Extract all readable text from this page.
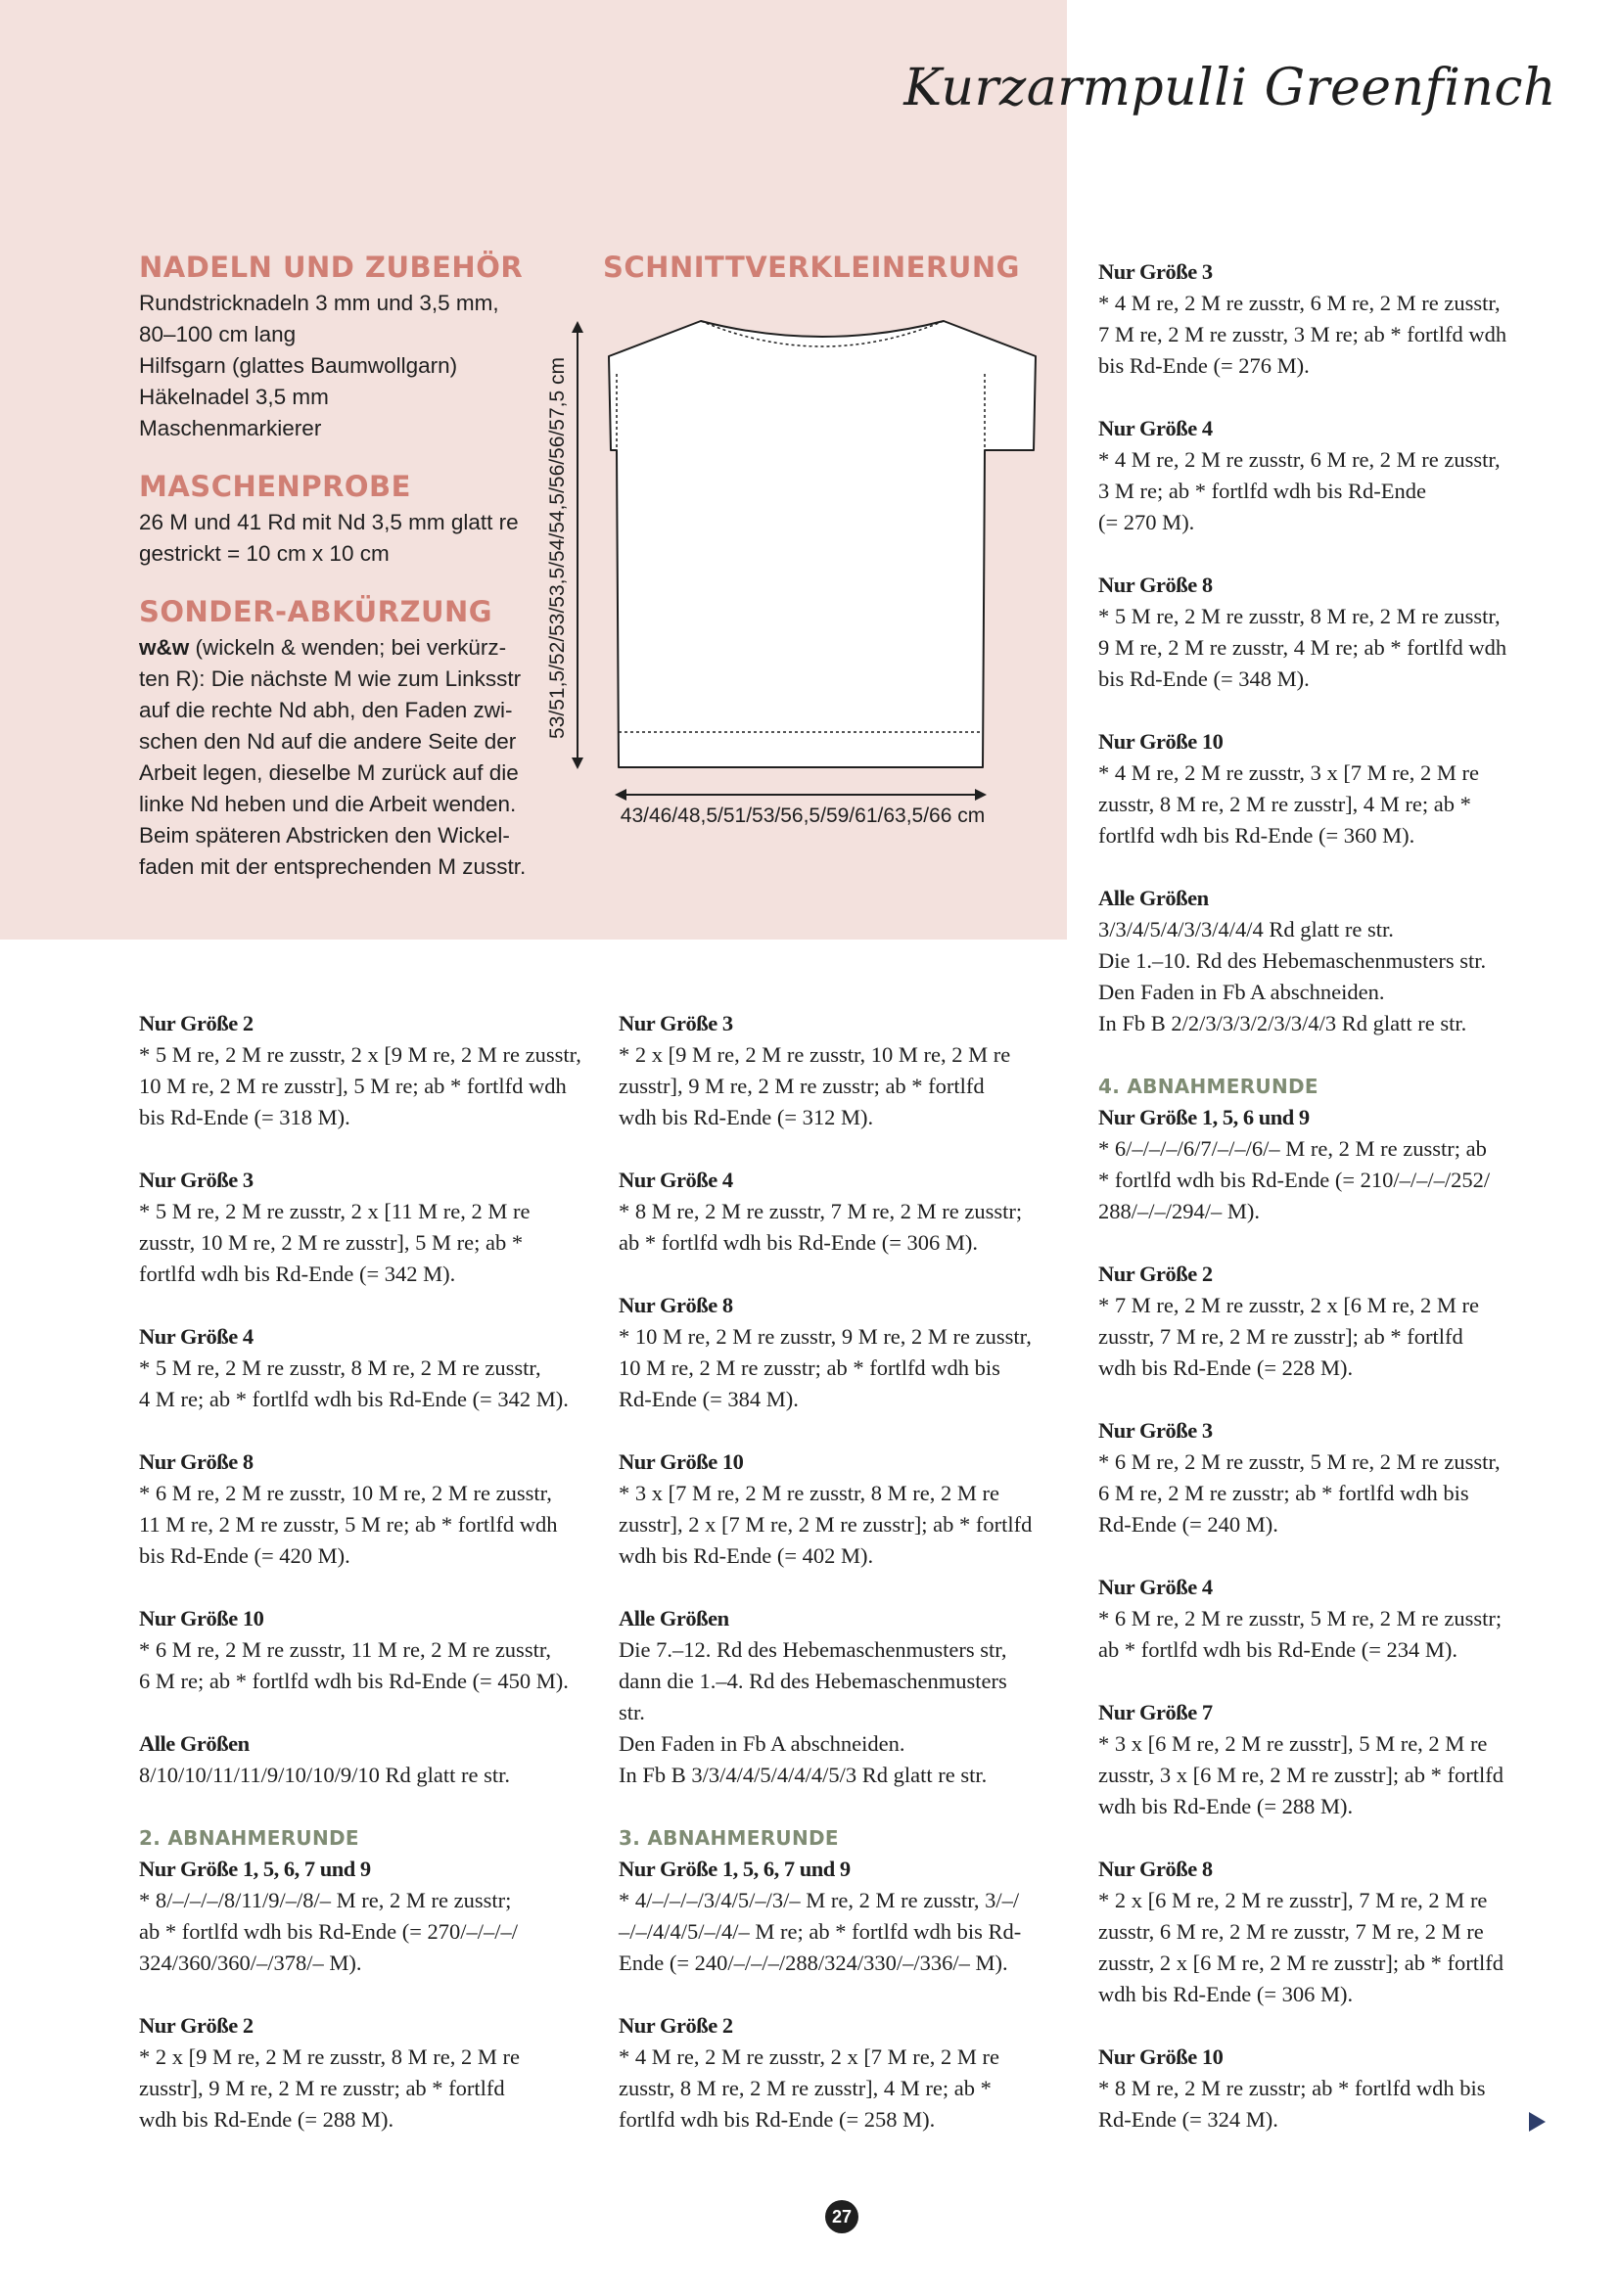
Kurzarmpulli Greenfinch
NADELN UND ZUBEHÖR

Rundstricknadeln 3 mm und 3,5 mm,

80–100 cm lang

Hilfsgarn (glattes Baumwollgarn)

Häkelnadel 3,5 mm

Maschenmarkierer

MASCHENPROBE

26 M und 41 Rd mit Nd 3,5 mm glatt re

gestrickt = 10 cm x 10 cm

SONDER-ABKÜRZUNG

w&w (wickeln & wenden; bei verkürz-

ten R): Die nächste M wie zum Linksstr

auf die rechte Nd abh, den Faden zwi-

schen den Nd auf die andere Seite der

Arbeit legen, dieselbe M zurück auf die

linke Nd heben und die Arbeit wenden.

Beim späteren Abstricken den Wickel-

faden mit der entsprechenden M zusstr.

SCHNITTVERKLEINERUNG
53/51,5/52/53/53,5/54/54,5/56/56/57,5 cm
43/46/48,5/51/53/56,5/59/61/63,5/66 cm
Nur Größe 2
* 5 M re, 2 M re zusstr, 2 x [9 M re, 2 M re zusstr,
10 M re, 2 M re zusstr], 5 M re; ab * fortlfd wdh
bis Rd-Ende (= 318 M).
Nur Größe 3
* 5 M re, 2 M re zusstr, 2 x [11 M re, 2 M re
zusstr, 10 M re, 2 M re zusstr], 5 M re; ab *
fortlfd wdh bis Rd-Ende (= 342 M).
Nur Größe 4
* 5 M re, 2 M re zusstr, 8 M re, 2 M re zusstr,
4 M re; ab * fortlfd wdh bis Rd-Ende (= 342 M).
Nur Größe 8
* 6 M re, 2 M re zusstr, 10 M re, 2 M re zusstr,
11 M re, 2 M re zusstr, 5 M re; ab * fortlfd wdh
bis Rd-Ende (= 420 M).
Nur Größe 10
* 6 M re, 2 M re zusstr, 11 M re, 2 M re zusstr,
6 M re; ab * fortlfd wdh bis Rd-Ende (= 450 M).
Alle Größen
8/10/10/11/11/9/10/10/9/10 Rd glatt re str.
2. ABNAHMERUNDE
Nur Größe 1, 5, 6, 7 und 9
* 8/–/–/–/8/11/9/–/8/– M re, 2 M re zusstr;
ab * fortlfd wdh bis Rd-Ende (= 270/–/–/–/
324/360/360/–/378/– M).
Nur Größe 2
* 2 x [9 M re, 2 M re zusstr, 8 M re, 2 M re
zusstr], 9 M re, 2 M re zusstr; ab * fortlfd
wdh bis Rd-Ende (= 288 M).
Nur Größe 3
* 2 x [9 M re, 2 M re zusstr, 10 M re, 2 M re
zusstr], 9 M re, 2 M re zusstr; ab * fortlfd
wdh bis Rd-Ende (= 312 M).
Nur Größe 4
* 8 M re, 2 M re zusstr, 7 M re, 2 M re zusstr;
ab * fortlfd wdh bis Rd-Ende (= 306 M).
Nur Größe 8
* 10 M re, 2 M re zusstr, 9 M re, 2 M re zusstr,
10 M re, 2 M re zusstr; ab * fortlfd wdh bis
Rd-Ende (= 384 M).
Nur Größe 10
* 3 x [7 M re, 2 M re zusstr, 8 M re, 2 M re
zusstr], 2 x [7 M re, 2 M re zusstr]; ab * fortlfd
wdh bis Rd-Ende (= 402 M).
Alle Größen
Die 7.–12. Rd des Hebemaschenmusters str,
dann die 1.–4. Rd des Hebemaschenmusters
str.
Den Faden in Fb A abschneiden.
In Fb B 3/3/4/4/5/4/4/4/5/3 Rd glatt re str.
3. ABNAHMERUNDE
Nur Größe 1, 5, 6, 7 und 9
* 4/–/–/–/3/4/5/–/3/– M re, 2 M re zusstr, 3/–/
–/–/4/4/5/–/4/– M re; ab * fortlfd wdh bis Rd-
Ende (= 240/–/–/–/288/324/330/–/336/– M).
Nur Größe 2
* 4 M re, 2 M re zusstr, 2 x [7 M re, 2 M re
zusstr, 8 M re, 2 M re zusstr], 4 M re; ab *
fortlfd wdh bis Rd-Ende (= 258 M).
Nur Größe 3
* 4 M re, 2 M re zusstr, 6 M re, 2 M re zusstr,
7 M re, 2 M re zusstr, 3 M re; ab * fortlfd wdh
bis Rd-Ende (= 276 M).
Nur Größe 4
* 4 M re, 2 M re zusstr, 6 M re, 2 M re zusstr,
3 M re; ab * fortlfd wdh bis Rd-Ende
(= 270 M).
Nur Größe 8
* 5 M re, 2 M re zusstr, 8 M re, 2 M re zusstr,
9 M re, 2 M re zusstr, 4 M re; ab * fortlfd wdh
bis Rd-Ende (= 348 M).
Nur Größe 10
* 4 M re, 2 M re zusstr, 3 x [7 M re, 2 M re
zusstr, 8 M re, 2 M re zusstr], 4 M re; ab *
fortlfd wdh bis Rd-Ende (= 360 M).
Alle Größen
3/3/4/5/4/3/3/4/4/4 Rd glatt re str.
Die 1.–10. Rd des Hebemaschenmusters str.
Den Faden in Fb A abschneiden.
In Fb B 2/2/3/3/3/2/3/3/4/3 Rd glatt re str.
4. ABNAHMERUNDE
Nur Größe 1, 5, 6 und 9
* 6/–/–/–/6/7/–/–/6/– M re, 2 M re zusstr; ab
* fortlfd wdh bis Rd-Ende (= 210/–/–/–/252/
288/–/–/294/– M).
Nur Größe 2
* 7 M re, 2 M re zusstr, 2 x [6 M re, 2 M re
zusstr, 7 M re, 2 M re zusstr]; ab * fortlfd
wdh bis Rd-Ende (= 228 M).
Nur Größe 3
* 6 M re, 2 M re zusstr, 5 M re, 2 M re zusstr,
6 M re, 2 M re zusstr; ab * fortlfd wdh bis
Rd-Ende (= 240 M).
Nur Größe 4
* 6 M re, 2 M re zusstr, 5 M re, 2 M re zusstr;
ab * fortlfd wdh bis Rd-Ende (= 234 M).
Nur Größe 7
* 3 x [6 M re, 2 M re zusstr], 5 M re, 2 M re
zusstr, 3 x [6 M re, 2 M re zusstr]; ab * fortlfd
wdh bis Rd-Ende (= 288 M).
Nur Größe 8
* 2 x [6 M re, 2 M re zusstr], 7 M re, 2 M re
zusstr, 6 M re, 2 M re zusstr, 7 M re, 2 M re
zusstr, 2 x [6 M re, 2 M re zusstr]; ab * fortlfd
wdh bis Rd-Ende (= 306 M).
Nur Größe 10
* 8 M re, 2 M re zusstr; ab * fortlfd wdh bis
Rd-Ende (= 324 M).
27
